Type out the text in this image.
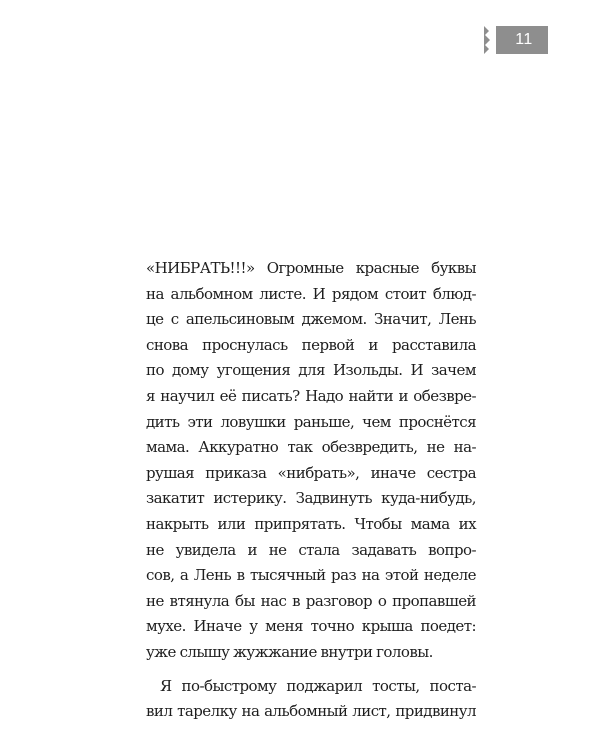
11

«НИБРАТЬ!!!» Огромные красные буквы

на альбомном листе. И рядом стоит блюд-

це с апельсиновым джемом. Значит, Лень

снова проснулась первой и расставила

по дому угощения для Изольды. И зачем

я научил её писать? Надо найти и обезвре-

дить эти ловушки раньше, чем проснётся

мама. Аккуратно так обезвредить, не на-

рушая приказа «нибрать», иначе сестра

закатит истерику. Задвинуть куда-нибудь,

накрыть или припрятать. Чтобы мама их

не увидела и не стала задавать вопро-

сов, а Лень в тысячный раз на этой неделе

не втянула бы нас в разговор о пропавшей

мухе. Иначе у меня точно крыша поедет:

уже слышу жужжание внутри головы.

Я по-быстрому поджарил тосты, поста-

вил тарелку на альбомный лист, придвинул
